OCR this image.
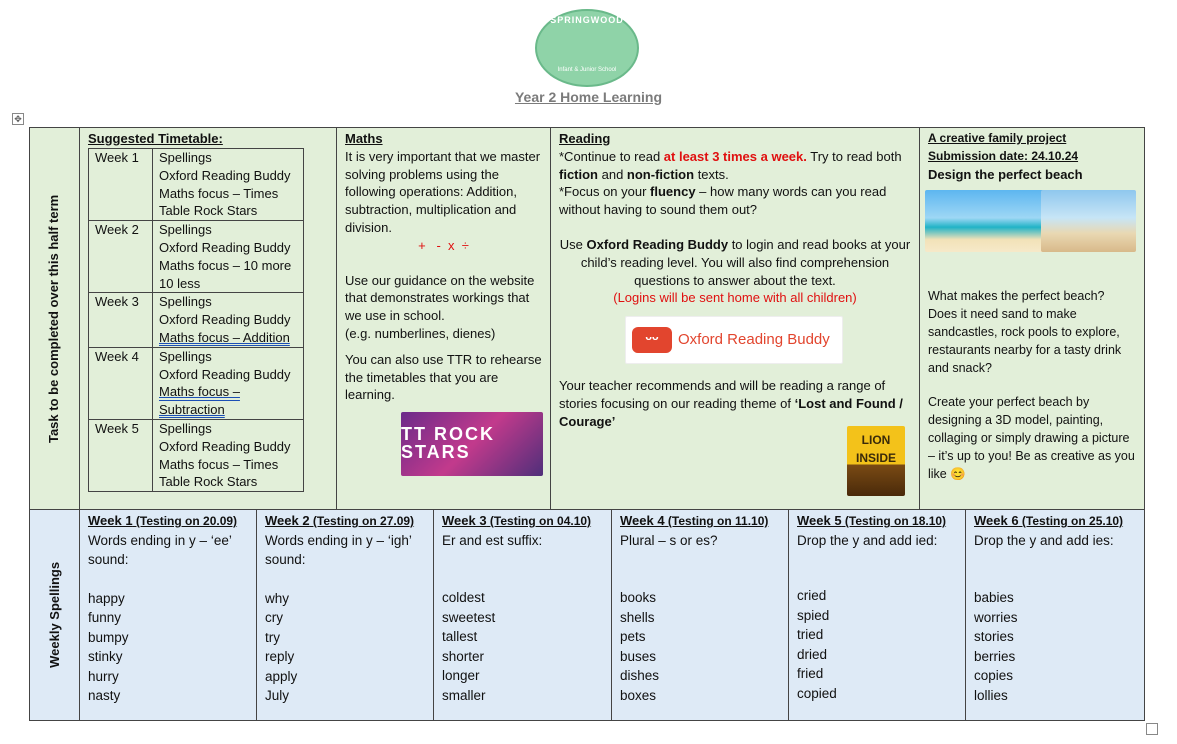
SPRINGWOOD
Infant & Junior School
Year 2 Home Learning
✥
Task to be completed over this half term
Suggested Timetable:
Week 1	Spellings
Oxford Reading Buddy
Maths focus – Times Table Rock Stars
Week 2	Spellings
Oxford Reading Buddy
Maths focus – 10 more 10 less
Week 3	Spellings
Oxford Reading Buddy
Maths focus – Addition
Week 4	Spellings
Oxford Reading Buddy
Maths focus – Subtraction
Week 5	Spellings
Oxford Reading Buddy
Maths focus – Times Table Rock Stars
Maths
It is very important that we master solving problems using the following operations: Addition, subtraction, multiplication and division.
+   -  x  ÷
Use our guidance on the website that demonstrates workings that we use in school.
(e.g. numberlines, dienes)
You can also use TTR to rehearse the timetables that you are learning.
TT ROCK STARS
Reading
*Continue to read at least 3 times a week. Try to read both fiction and non-fiction texts.
*Focus on your fluency – how many words can you read without having to sound them out?
Use Oxford Reading Buddy to login and read books at your child’s reading level. You will also find comprehension questions to answer about the text.
(Logins will be sent home with all children)
ᵕᵕ	Oxford Reading Buddy
Your teacher recommends and will be reading a range of stories focusing on our reading theme of ‘Lost and Found / Courage’
LION INSIDE
A creative family project
Submission date: 24.10.24
Design the perfect beach
What makes the perfect beach? Does it need sand to make sandcastles, rock pools to explore, restaurants nearby for a tasty drink and snack?
Create your perfect beach by designing a 3D model, painting, collaging or simply drawing a picture – it’s up to you! Be as creative as you like 😊
Weekly Spellings
Week 1 (Testing on 20.09)
Words ending in y – ‘ee’ sound:
happy
funny
bumpy
stinky
hurry
nasty
Week 2 (Testing on 27.09)
Words ending in y – ‘igh’ sound:
why
cry
try
reply
apply
July
Week 3 (Testing on 04.10)
Er and est suffix:
coldest
sweetest
tallest
shorter
longer
smaller
Week 4 (Testing on 11.10)
Plural – s or es?
books
shells
pets
buses
dishes
boxes
Week 5 (Testing on 18.10)
Drop the y and add ied:
cried
spied
tried
dried
fried
copied
Week 6 (Testing on 25.10)
Drop the y and add ies:
babies
worries
stories
berries
copies
lollies
